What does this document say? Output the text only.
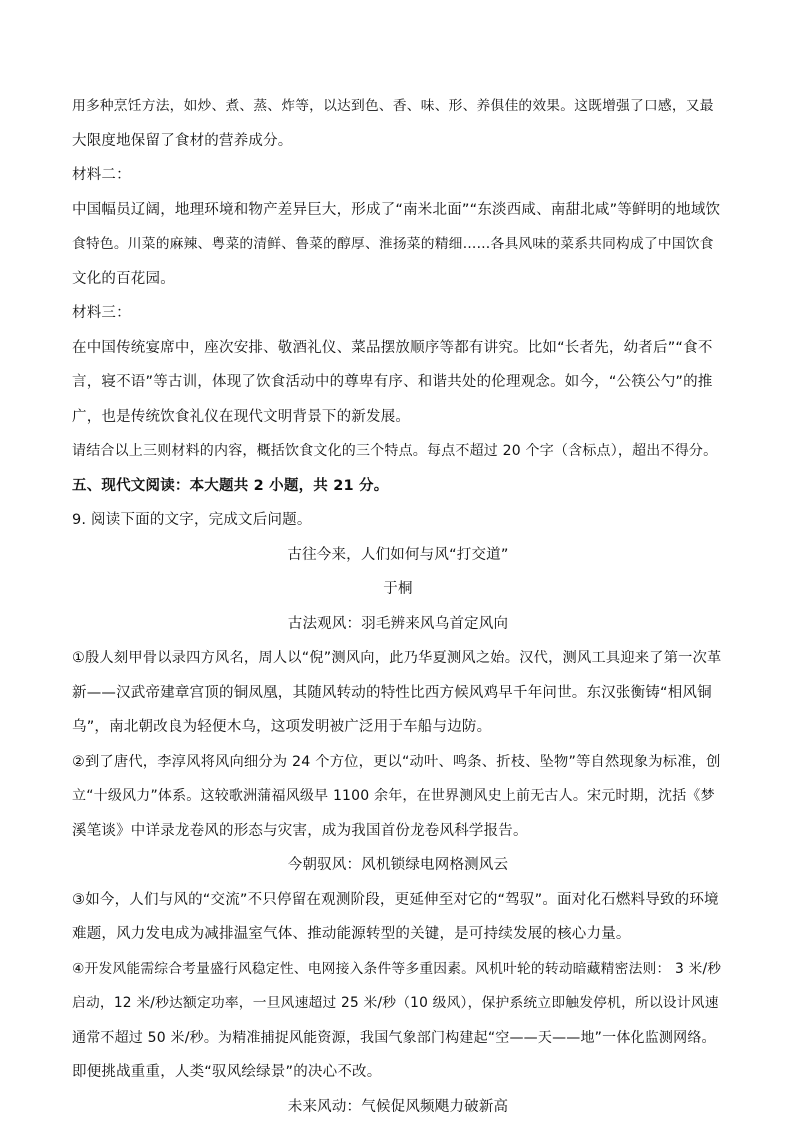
用多种烹饪方法，如炒、煮、蒸、炸等，以达到色、香、味、形、养俱佳的效果。这既增强了口感，又最
大限度地保留了食材的营养成分。
材料二：
中国幅员辽阔，地理环境和物产差异巨大，形成了“南米北面”“东淡西咸、南甜北咸”等鲜明的地域饮
食特色。川菜的麻辣、粤菜的清鲜、鲁菜的醇厚、淮扬菜的精细……各具风味的菜系共同构成了中国饮食
文化的百花园。
材料三：
在中国传统宴席中，座次安排、敬酒礼仪、菜品摆放顺序等都有讲究。比如“长者先，幼者后”“食不
言，寝不语”等古训，体现了饮食活动中的尊卑有序、和谐共处的伦理观念。如今，“公筷公勺”的推
广，也是传统饮食礼仪在现代文明背景下的新发展。
请结合以上三则材料的内容，概括饮食文化的三个特点。每点不超过 20 个字（含标点），超出不得分。
五、现代文阅读：本大题共 2 小题，共 21 分。
9. 阅读下面的文字，完成文后问题。
古往今来，人们如何与风“打交道”
于桐
古法观风：羽毛辨来风乌首定风向
①殷人刻甲骨以录四方风名，周人以“倪”测风向，此乃华夏测风之始。汉代，测风工具迎来了第一次革
新——汉武帝建章宫顶的铜凤凰，其随风转动的特性比西方候风鸡早千年问世。东汉张衡铸“相风铜
乌”，南北朝改良为轻便木乌，这项发明被广泛用于车船与边防。
②到了唐代，李淳风将风向细分为 24 个方位，更以“动叶、鸣条、折枝、坠物”等自然现象为标准，创
立“十级风力”体系。这较歌洲蒲福风级早 1100 余年，在世界测风史上前无古人。宋元时期，沈括《梦
溪笔谈》中详录龙卷风的形态与灾害，成为我国首份龙卷风科学报告。
今朝驭风：风机锁绿电网格测风云
③如今，人们与风的“交流”不只停留在观测阶段，更延伸至对它的“驾驭”。面对化石燃料导致的环境
难题，风力发电成为减排温室气体、推动能源转型的关键，是可持续发展的核心力量。
④开发风能需综合考量盛行风稳定性、电网接入条件等多重因素。风机叶轮的转动暗藏精密法则： 3 米/秒
启动，12 米/秒达额定功率，一旦风速超过 25 米/秒（10 级风），保护系统立即触发停机，所以设计风速
通常不超过 50 米/秒。为精准捕捉风能资源，我国气象部门构建起“空——天——地”一体化监测网络。
即便挑战重重，人类“驭风绘绿景”的决心不改。
未来风动：气候促风频飓力破新高
